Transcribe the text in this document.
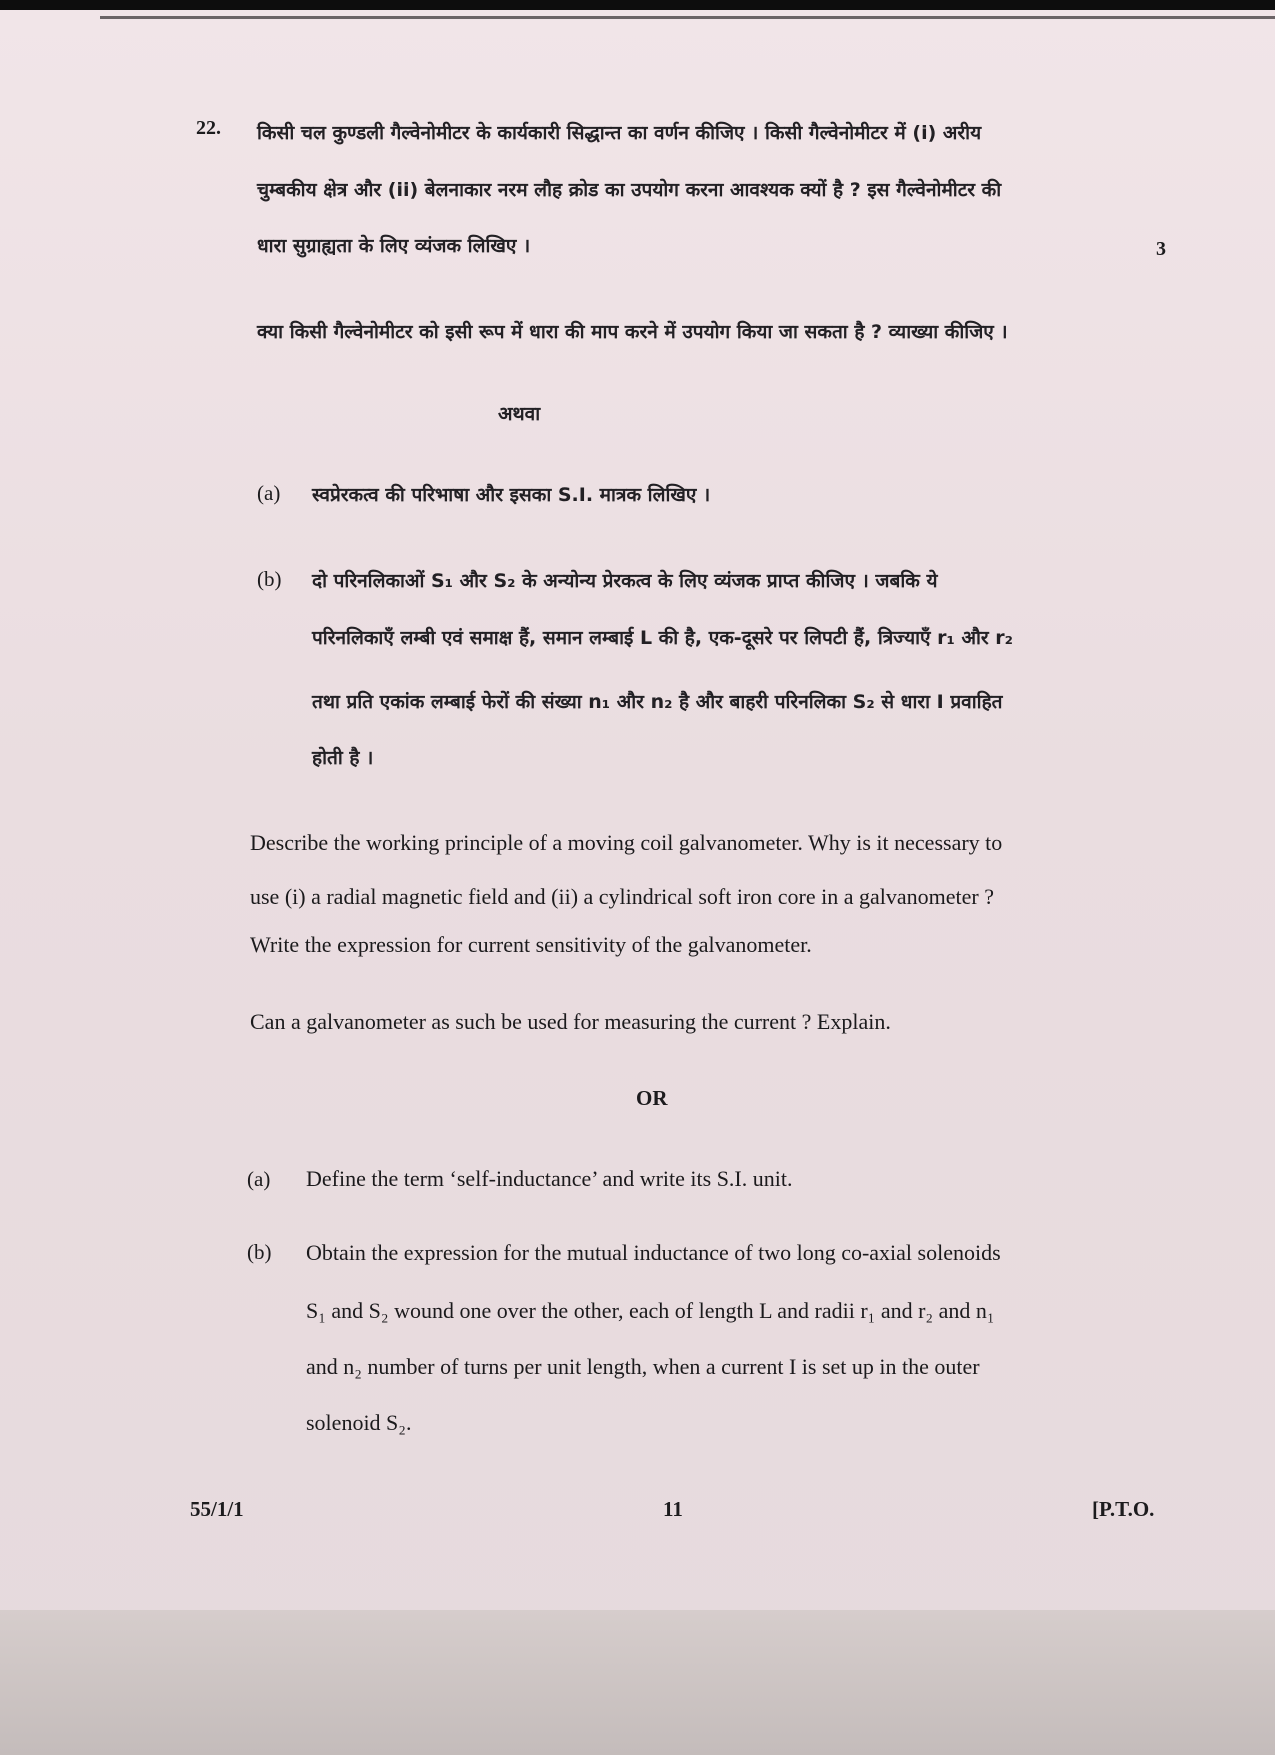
22.
3
किसी चल कुण्डली गैल्वेनोमीटर के कार्यकारी सिद्धान्त का वर्णन कीजिए । किसी गैल्वेनोमीटर में (i) अरीय
चुम्बकीय क्षेत्र और (ii) बेलनाकार नरम लौह क्रोड का उपयोग करना आवश्यक क्यों है ? इस गैल्वेनोमीटर की
धारा सुग्राह्यता के लिए व्यंजक लिखिए ।
क्या किसी गैल्वेनोमीटर को इसी रूप में धारा की माप करने में उपयोग किया जा सकता है ? व्याख्या कीजिए ।
अथवा
(a) स्वप्रेरकत्व की परिभाषा और इसका S.I. मात्रक लिखिए ।
(b) दो परिनलिकाओं S₁ और S₂ के अन्योन्य प्रेरकत्व के लिए व्यंजक प्राप्त कीजिए । जबकि ये
परिनलिकाएँ लम्बी एवं समाक्ष हैं, समान लम्बाई L की है, एक-दूसरे पर लिपटी हैं, त्रिज्याएँ r₁ और r₂
तथा प्रति एकांक लम्बाई फेरों की संख्या n₁ और n₂ है और बाहरी परिनलिका S₂ से धारा I प्रवाहित
होती है ।
Describe the working principle of a moving coil galvanometer. Why is it necessary to
use (i) a radial magnetic field and (ii) a cylindrical soft iron core in a galvanometer ?
Write the expression for current sensitivity of the galvanometer.
Can a galvanometer as such be used for measuring the current ? Explain.
OR
(a) Define the term ‘self-inductance’ and write its S.I. unit.
(b) Obtain the expression for the mutual inductance of two long co-axial solenoids
S₁ and S₂ wound one over the other, each of length L and radii r₁ and r₂ and n₁
and n₂ number of turns per unit length, when a current I is set up in the outer
solenoid S₂.
55/1/1	11	[P.T.O.
